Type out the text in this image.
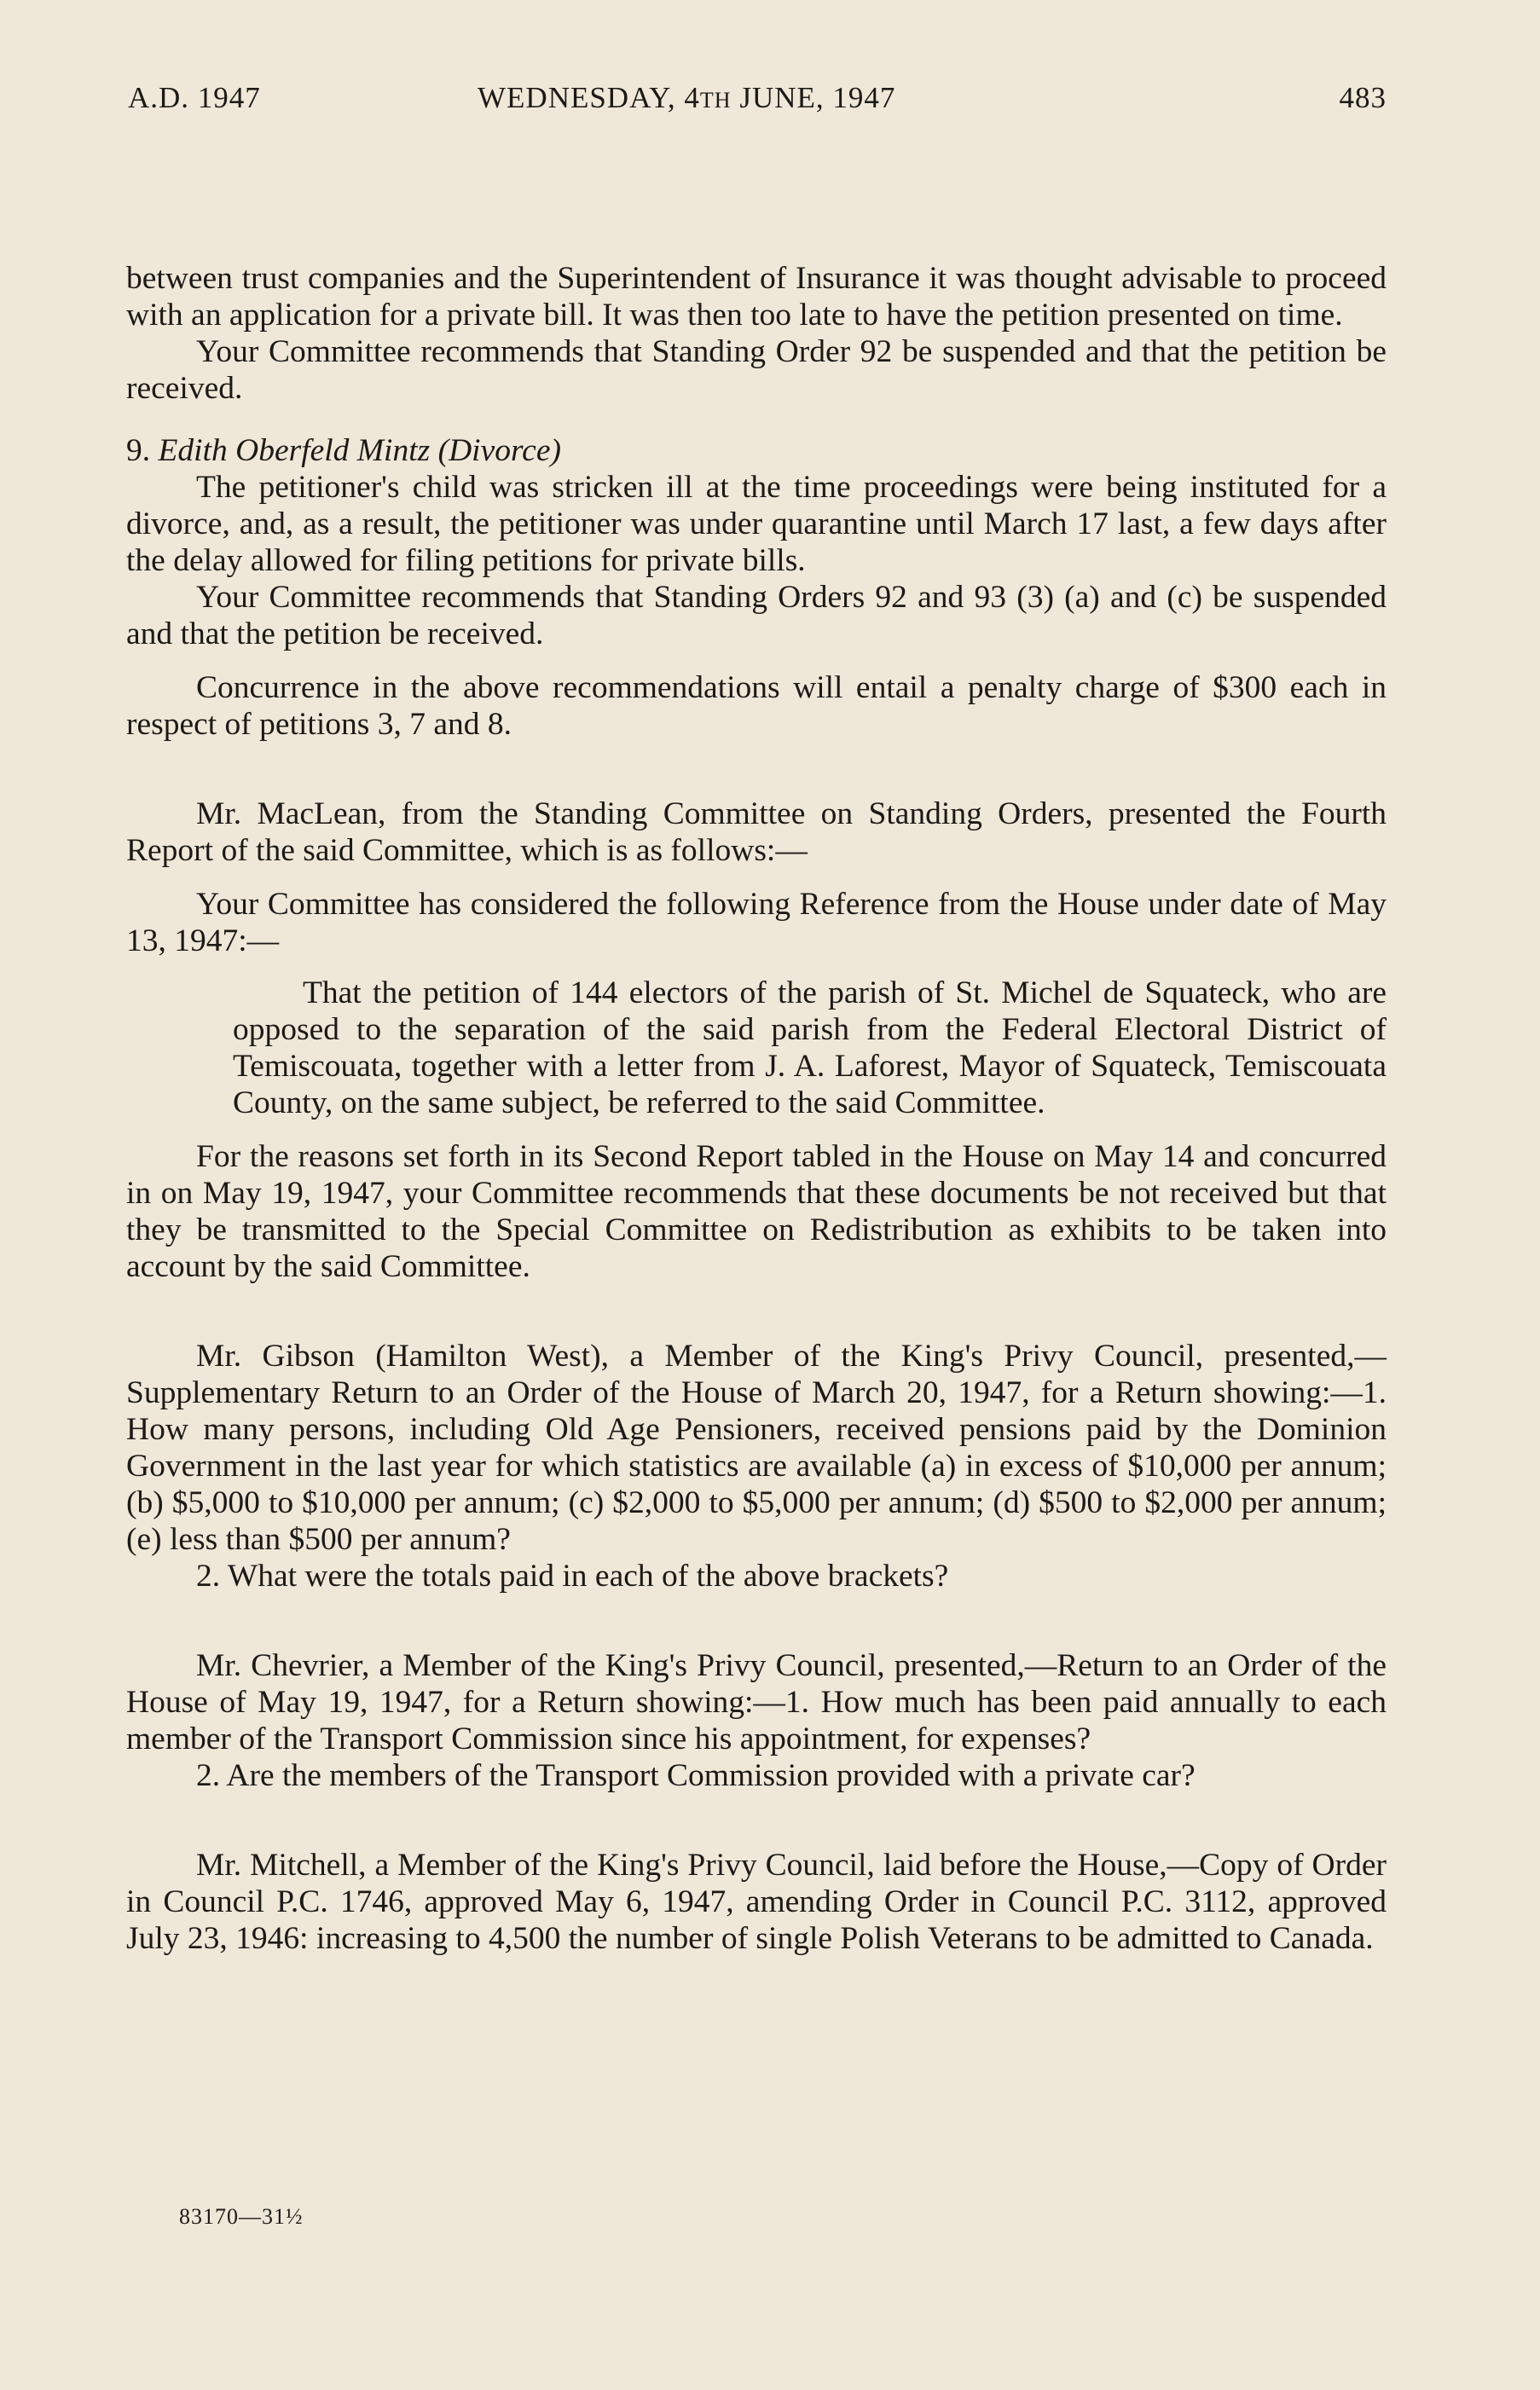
A.D. 1947	WEDNESDAY, 4TH JUNE, 1947	483

between trust companies and the Superintendent of Insurance it was thought advisable to proceed with an application for a private bill. It was then too late to have the petition presented on time.

Your Committee recommends that Standing Order 92 be suspended and that the petition be received.

9. Edith Oberfeld Mintz (Divorce)

The petitioner's child was stricken ill at the time proceedings were being instituted for a divorce, and, as a result, the petitioner was under quarantine until March 17 last, a few days after the delay allowed for filing petitions for private bills.

Your Committee recommends that Standing Orders 92 and 93 (3) (a) and (c) be suspended and that the petition be received.

Concurrence in the above recommendations will entail a penalty charge of $300 each in respect of petitions 3, 7 and 8.

Mr. MacLean, from the Standing Committee on Standing Orders, presented the Fourth Report of the said Committee, which is as follows:—

Your Committee has considered the following Reference from the House under date of May 13, 1947:—

That the petition of 144 electors of the parish of St. Michel de Squateck, who are opposed to the separation of the said parish from the Federal Electoral District of Temiscouata, together with a letter from J. A. Laforest, Mayor of Squateck, Temiscouata County, on the same subject, be referred to the said Committee.

For the reasons set forth in its Second Report tabled in the House on May 14 and concurred in on May 19, 1947, your Committee recommends that these documents be not received but that they be transmitted to the Special Committee on Redistribution as exhibits to be taken into account by the said Committee.

Mr. Gibson (Hamilton West), a Member of the King's Privy Council, presented,—Supplementary Return to an Order of the House of March 20, 1947, for a Return showing:—1. How many persons, including Old Age Pensioners, received pensions paid by the Dominion Government in the last year for which statistics are available (a) in excess of $10,000 per annum; (b) $5,000 to $10,000 per annum; (c) $2,000 to $5,000 per annum; (d) $500 to $2,000 per annum; (e) less than $500 per annum?

2. What were the totals paid in each of the above brackets?

Mr. Chevrier, a Member of the King's Privy Council, presented,—Return to an Order of the House of May 19, 1947, for a Return showing:—1. How much has been paid annually to each member of the Transport Commission since his appointment, for expenses?

2. Are the members of the Transport Commission provided with a private car?

Mr. Mitchell, a Member of the King's Privy Council, laid before the House,—Copy of Order in Council P.C. 1746, approved May 6, 1947, amending Order in Council P.C. 3112, approved July 23, 1946: increasing to 4,500 the number of single Polish Veterans to be admitted to Canada.

83170—31½
